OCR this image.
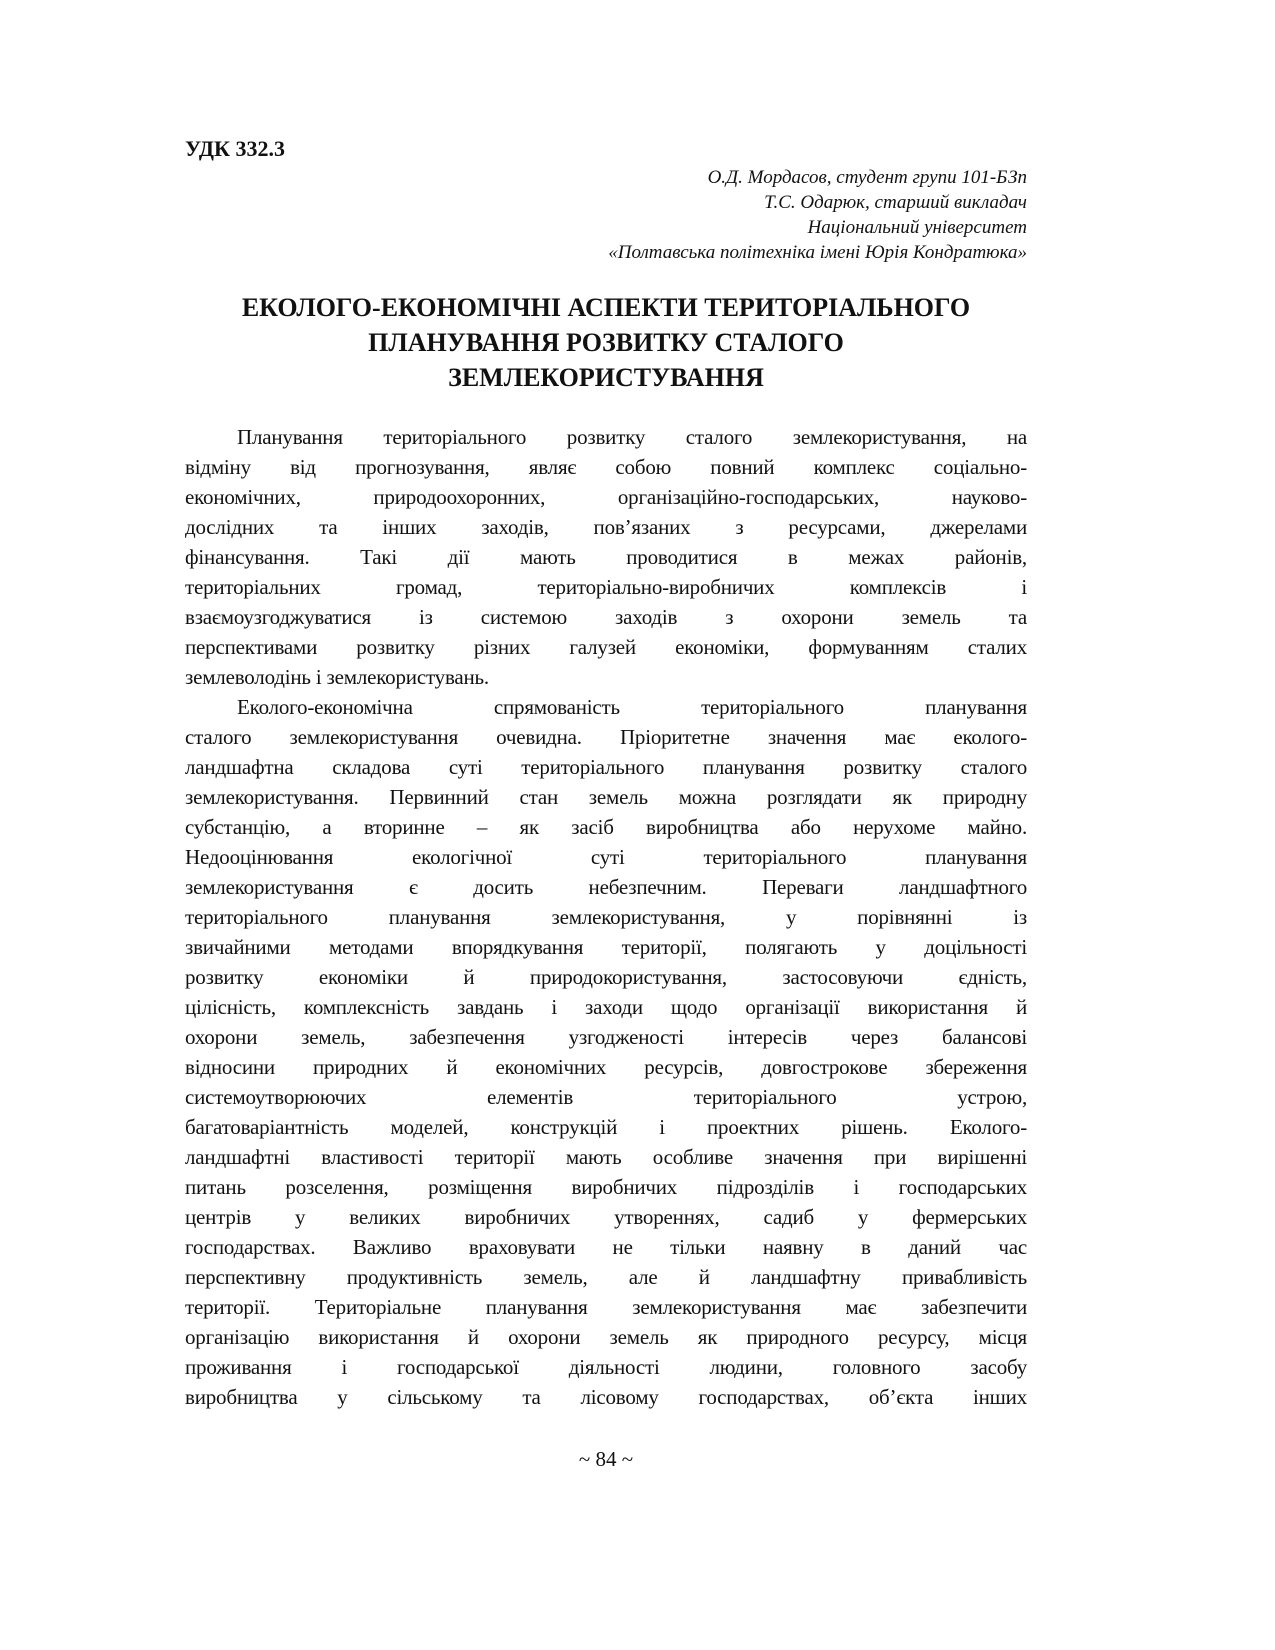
УДК 332.3
О.Д. Мордасов, студент групи 101-БЗп
Т.С. Одарюк, старший викладач
Національний університет
«Полтавська політехніка імені Юрія Кондратюка»
ЕКОЛОГО-ЕКОНОМІЧНІ АСПЕКТИ ТЕРИТОРІАЛЬНОГО
ПЛАНУВАННЯ РОЗВИТКУ СТАЛОГО
ЗЕМЛЕКОРИСТУВАННЯ
Планування територіального розвитку сталого землекористування, на
відміну від прогнозування, являє собою повний комплекс соціально-
економічних, природоохоронних, організаційно-господарських, науково-
дослідних та інших заходів, пов’язаних з ресурсами, джерелами
фінансування. Такі дії мають проводитися в межах районів,
територіальних громад, територіально-виробничих комплексів і
взаємоузгоджуватися із системою заходів з охорони земель та
перспективами розвитку різних галузей економіки, формуванням сталих
землеволодінь і землекористувань.
Еколого-економічна спрямованість територіального планування
сталого землекористування очевидна. Пріоритетне значення має еколого-
ландшафтна складова суті територіального планування розвитку сталого
землекористування. Первинний стан земель можна розглядати як природну
субстанцію, а вторинне – як засіб виробництва або нерухоме майно.
Недооцінювання екологічної суті територіального планування
землекористування є досить небезпечним. Переваги ландшафтного
територіального планування землекористування, у порівнянні із
звичайними методами впорядкування території, полягають у доцільності
розвитку економіки й природокористування, застосовуючи єдність,
цілісність, комплексність завдань і заходи щодо організації використання й
охорони земель, забезпечення узгодженості інтересів через балансові
відносини природних й економічних ресурсів, довгострокове збереження
системоутворюючих елементів територіального устрою,
багатоваріантність моделей, конструкцій і проектних рішень. Еколого-
ландшафтні властивості території мають особливе значення при вирішенні
питань розселення, розміщення виробничих підрозділів і господарських
центрів у великих виробничих утвореннях, садиб у фермерських
господарствах. Важливо враховувати не тільки наявну в даний час
перспективну продуктивність земель, але й ландшафтну привабливість
території. Територіальне планування землекористування має забезпечити
організацію використання й охорони земель як природного ресурсу, місця
проживання і господарської діяльності людини, головного засобу
виробництва у сільському та лісовому господарствах, об’єкта інших
~ 84 ~
